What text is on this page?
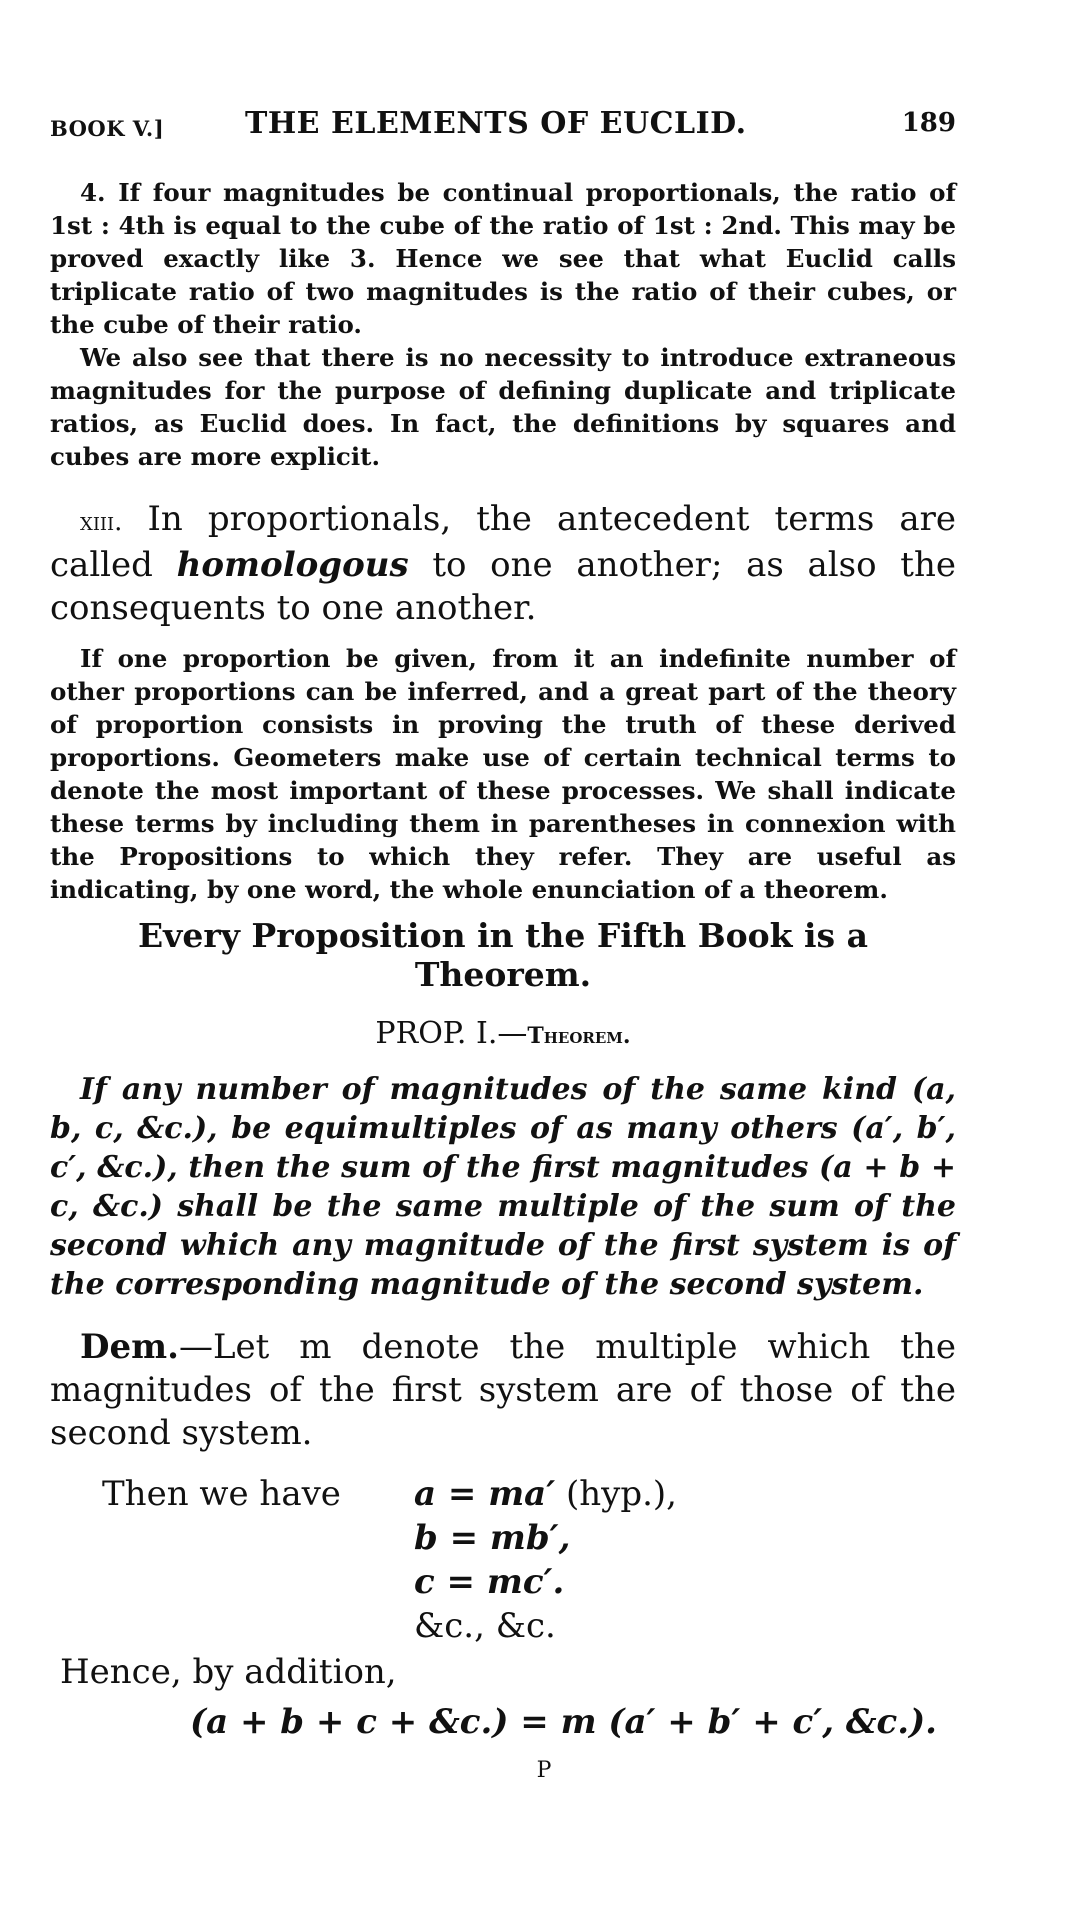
BOOK V.]	THE ELEMENTS OF EUCLID.	189

4. If four magnitudes be continual proportionals, the ratio of 1st : 4th is equal to the cube of the ratio of 1st : 2nd. This may be proved exactly like 3. Hence we see that what Euclid calls triplicate ratio of two magnitudes is the ratio of their cubes, or the cube of their ratio.

We also see that there is no necessity to introduce extraneous magnitudes for the purpose of defining duplicate and triplicate ratios, as Euclid does. In fact, the definitions by squares and cubes are more explicit.

xiii. In proportionals, the antecedent terms are called homologous to one another; as also the consequents to one another.

If one proportion be given, from it an indefinite number of other proportions can be inferred, and a great part of the theory of proportion consists in proving the truth of these derived proportions. Geometers make use of certain technical terms to denote the most important of these processes. We shall indicate these terms by including them in parentheses in connexion with the Propositions to which they refer. They are useful as indicating, by one word, the whole enunciation of a theorem.

Every Proposition in the Fifth Book is a Theorem.

PROP. I.—Theorem.

If any number of magnitudes of the same kind (a, b, c, &c.), be equimultiples of as many others (a′, b′, c′, &c.), then the sum of the first magnitudes (a + b + c, &c.) shall be the same multiple of the sum of the second which any magnitude of the first system is of the corresponding magnitude of the second system.

Dem.—Let m denote the multiple which the magnitudes of the first system are of those of the second system.

Then we have a = ma′ (hyp.),
b = mb′,
c = mc′.
&c., &c.
Hence, by addition,
(a + b + c + &c.) = m (a′ + b′ + c′, &c.).
P
